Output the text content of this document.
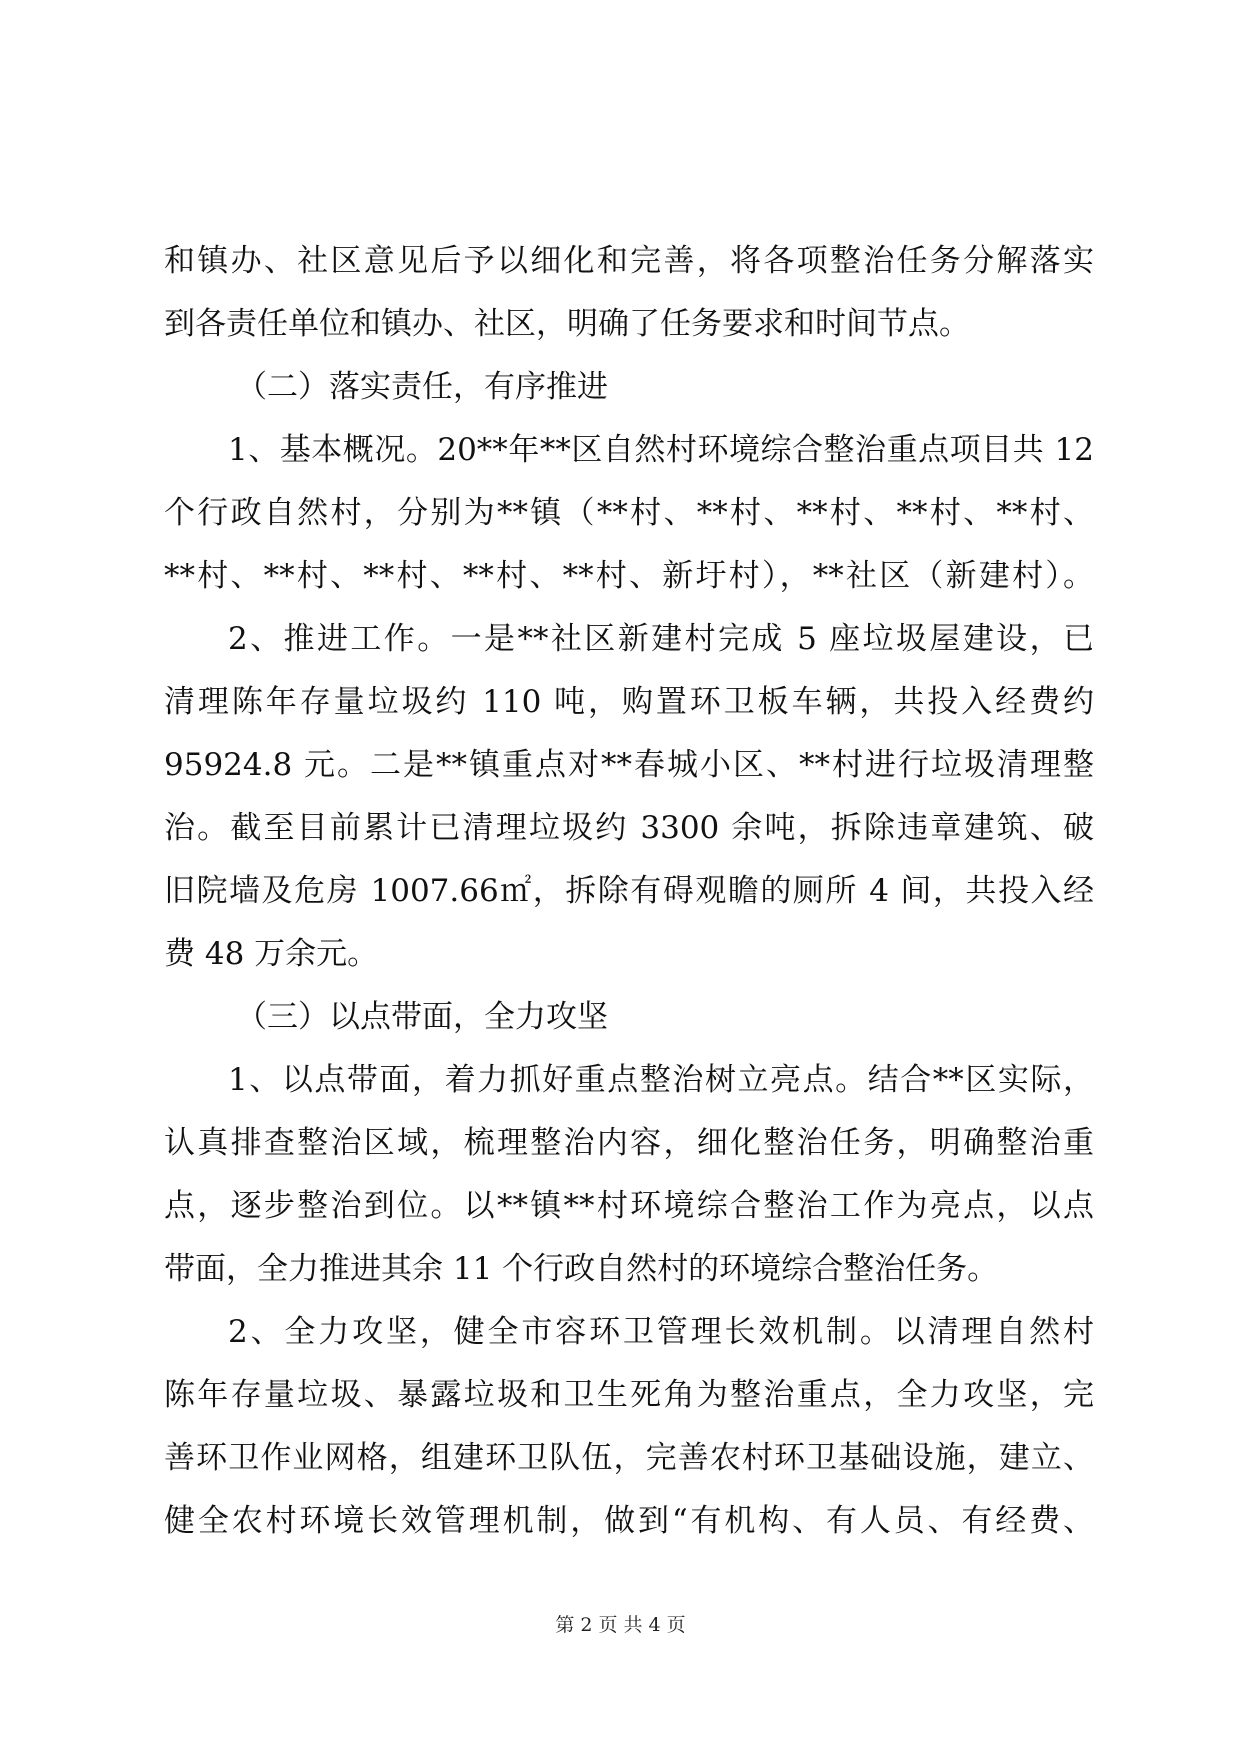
和镇办、社区意见后予以细化和完善，将各项整治任务分解落实
到各责任单位和镇办、社区，明确了任务要求和时间节点。
（二）落实责任，有序推进
1、基本概况。20**年**区自然村环境综合整治重点项目共 12
个行政自然村，分别为**镇（**村、**村、**村、**村、**村、
**村、**村、**村、**村、**村、新圩村），**社区（新建村）。
2、推进工作。一是**社区新建村完成 5 座垃圾屋建设，已
清理陈年存量垃圾约 110 吨，购置环卫板车辆，共投入经费约
95924.8 元。二是**镇重点对**春城小区、**村进行垃圾清理整
治。截至目前累计已清理垃圾约 3300 余吨，拆除违章建筑、破
旧院墙及危房 1007.66㎡，拆除有碍观瞻的厕所 4 间，共投入经
费 48 万余元。
（三）以点带面，全力攻坚
1、以点带面，着力抓好重点整治树立亮点。结合**区实际，
认真排查整治区域，梳理整治内容，细化整治任务，明确整治重
点，逐步整治到位。以**镇**村环境综合整治工作为亮点，以点
带面，全力推进其余 11 个行政自然村的环境综合整治任务。
2、全力攻坚，健全市容环卫管理长效机制。以清理自然村
陈年存量垃圾、暴露垃圾和卫生死角为整治重点，全力攻坚，完
善环卫作业网格，组建环卫队伍，完善农村环卫基础设施，建立、
健全农村环境长效管理机制，做到“有机构、有人员、有经费、
第 2 页 共 4 页
